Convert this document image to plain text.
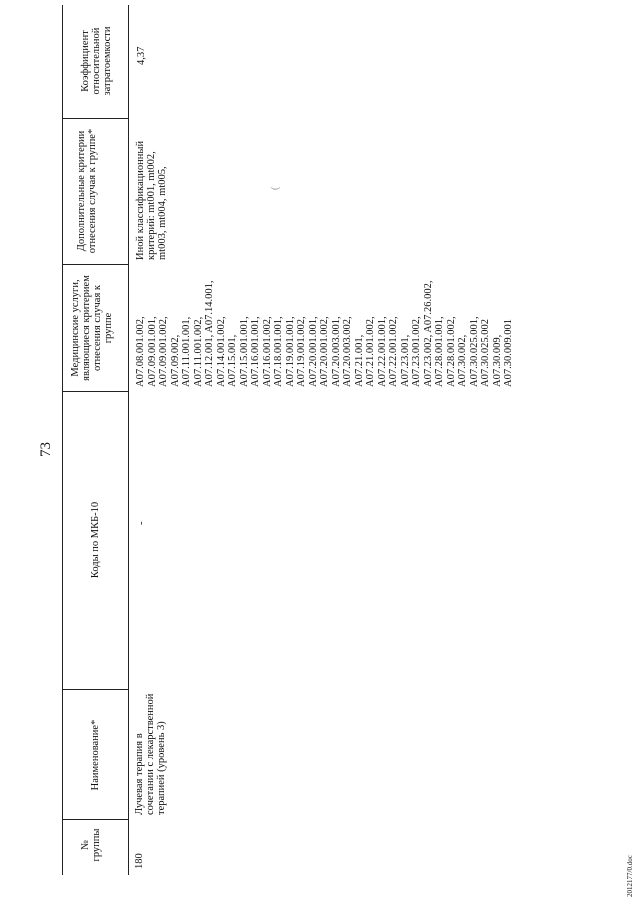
73
№ группы
Наименование*
Коды по МКБ-10
Медицинские услуги, являющиеся критерием отнесения случая к группе
Дополнительные критерии отнесения случая к группе*
Коэффициент относительной затратоемкости
180
Лучевая терапия в сочетании с лекарственной терапией (уровень 3)
-
A07.08.001.002, A07.09.001.001, A07.09.001.002, A07.09.002, A07.11.001.001, A07.11.001.002, A07.12.001, A07.14.001, A07.14.001.002, A07.15.001, A07.15.001.001, A07.16.001.001, A07.16.001.002, A07.18.001.001, A07.19.001.001, A07.19.001.002, A07.20.001.001, A07.20.001.002, A07.20.003.001, A07.20.003.002, A07.21.001, A07.21.001.002, A07.22.001.001, A07.22.001.002, A07.23.001, A07.23.001.002, A07.23.002, A07.26.002, A07.28.001.001, A07.28.001.002, A07.30.002, A07.30.025.001, A07.30.025.002 A07.30.009, A07.30.009.001
Иной классификационный критерий: mt001, mt002, mt003, mt004, mt005,
4,37
2012177/0.doc
(
